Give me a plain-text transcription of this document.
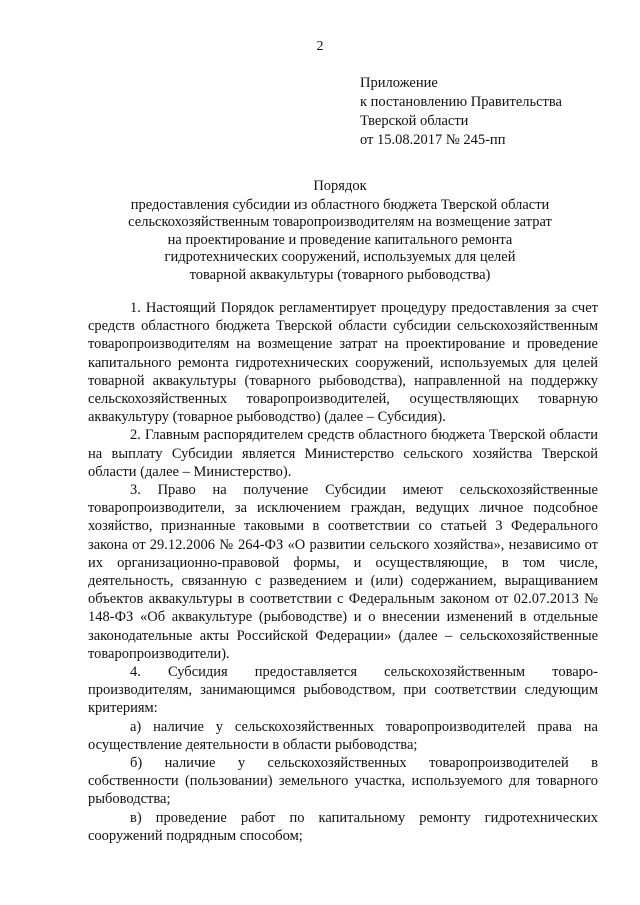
2
Приложение
к постановлению Правительства
Тверской области
от 15.08.2017 № 245-пп
Порядок
предоставления субсидии из областного бюджета Тверской области
сельскохозяйственным товаропроизводителям на возмещение затрат
на проектирование и проведение капитального ремонта
гидротехнических сооружений, используемых для целей
товарной аквакультуры (товарного рыбоводства)

1. Настоящий Порядок регламентирует процедуру предоставления за счет средств областного бюджета Тверской области субсидии сельскохозяйственным товаропроизводителям на возмещение затрат на проектирование и проведение капитального ремонта гидротехнических сооружений, используемых для целей товарной аквакультуры (товарного рыбоводства), направленной на поддержку сельскохозяйственных товаропроизводителей, осуществляющих товарную аквакультуру (товарное рыбоводство) (далее – Субсидия).

2. Главным распорядителем средств областного бюджета Тверской области на выплату Субсидии является Министерство сельского хозяйства Тверской области (далее – Министерство).

3. Право на получение Субсидии имеют сельскохозяйственные товаропроизводители, за исключением граждан, ведущих личное подсобное хозяйство, признанные таковыми в соответствии со статьей 3 Федерального закона от 29.12.2006 № 264-ФЗ «О развитии сельского хозяйства», независимо от их организационно-правовой формы, и осуществляющие, в том числе, деятельность, связанную с разведением и (или) содержанием, выращиванием объектов аквакультуры в соответствии с Федеральным законом от 02.07.2013 № 148-ФЗ «Об аквакультуре (рыбоводстве) и о внесении изменений в отдельные законодательные акты Российской Федерации» (далее – сельскохозяйственные товаропроизводители).

4. Субсидия предоставляется сельскохозяйственным товаро-производителям, занимающимся рыбоводством, при соответствии следующим критериям:

а) наличие у сельскохозяйственных товаропроизводителей права на осуществление деятельности в области рыбоводства;

б) наличие у сельскохозяйственных товаропроизводителей в собственности (пользовании) земельного участка, используемого для товарного рыбоводства;

в) проведение работ по капитальному ремонту гидротехнических сооружений подрядным способом;
